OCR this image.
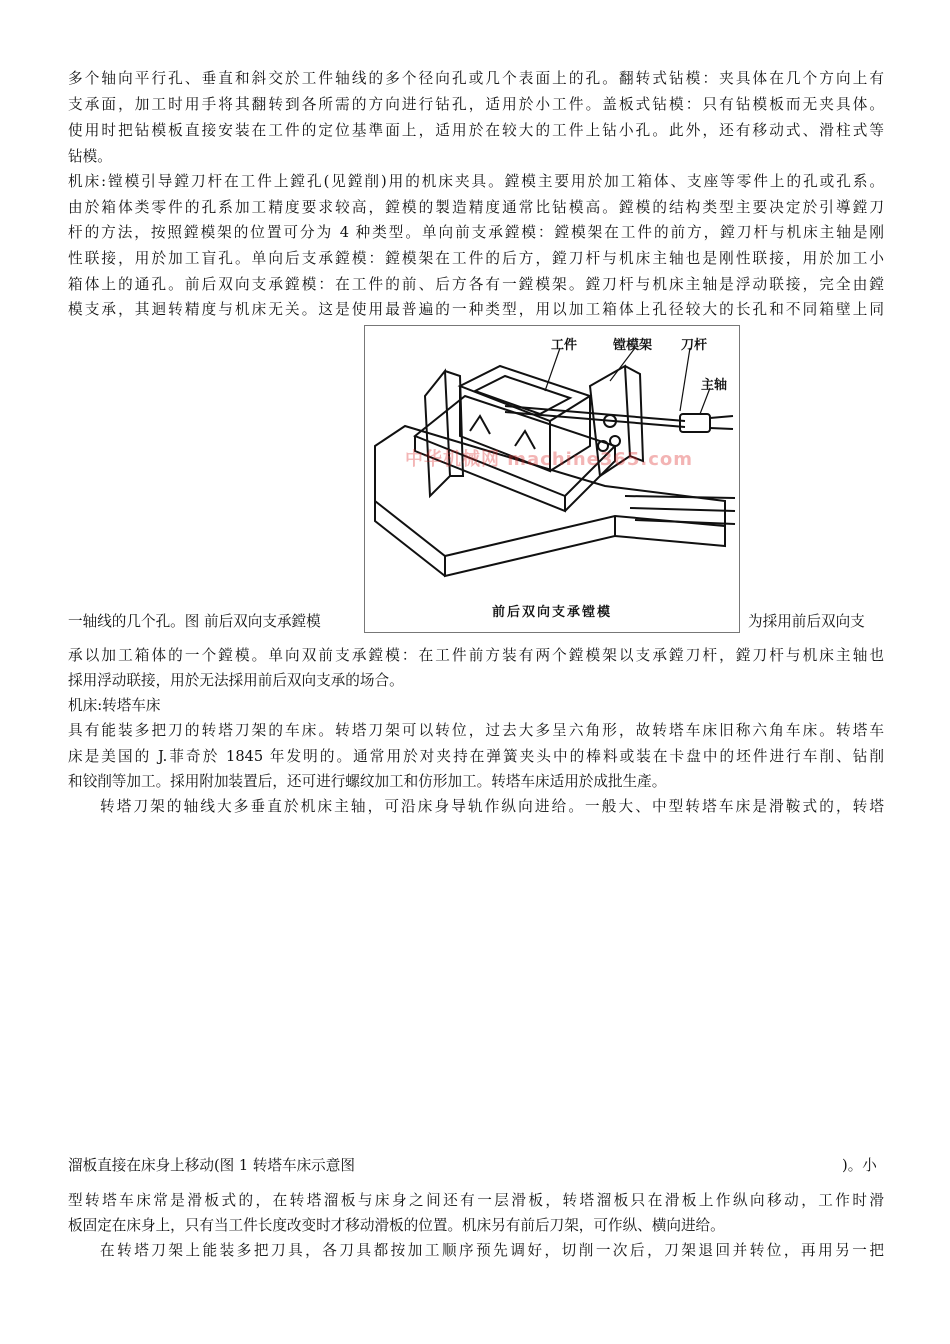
多个轴向平行孔、垂直和斜交於工件轴线的多个径向孔或几个表面上的孔。翻转式钻模：夹具体在几个方向上有
支承面，加工时用手将其翻转到各所需的方向进行钻孔，适用於小工件。盖板式钻模：只有钻模板而无夹具体。
使用时把钻模板直接安装在工件的定位基準面上，适用於在较大的工件上钻小孔。此外，还有移动式、滑柱式等
钻模。
机床:镗模引导鏜刀杆在工件上鏜孔(见鏜削)用的机床夹具。鏜模主要用於加工箱体、支座等零件上的孔或孔系。
由於箱体类零件的孔系加工精度要求较高，鏜模的製造精度通常比钻模高。鏜模的结构类型主要决定於引導鏜刀
杆的方法，按照鏜模架的位置可分为 4 种类型。单向前支承鏜模：鏜模架在工件的前方，鏜刀杆与机床主轴是刚
性联接，用於加工盲孔。单向后支承鏜模：鏜模架在工件的后方，鏜刀杆与机床主轴也是刚性联接，用於加工小
箱体上的通孔。前后双向支承鏜模：在工件的前、后方各有一鏜模架。鏜刀杆与机床主轴是浮动联接，完全由鏜
模支承，其迴转精度与机床无关。这是使用最普遍的一种类型，用以加工箱体上孔径较大的长孔和不同箱壁上同
工件	镗模架 刀杆
主轴
中华机械网 machine365.com
前后双向支承镗模
一轴线的几个孔。图 前后双向支承鏜模	为採用前后双向支
承以加工箱体的一个鏜模。单向双前支承鏜模：在工件前方装有两个鏜模架以支承鏜刀杆，鏜刀杆与机床主轴也
採用浮动联接，用於无法採用前后双向支承的场合。
机床:转塔车床
具有能装多把刀的转塔刀架的车床。转塔刀架可以转位，过去大多呈六角形，故转塔车床旧称六角车床。转塔车
床是美国的 J.菲奇於 1845 年发明的。通常用於对夹持在弹簧夹头中的棒料或装在卡盘中的坯件进行车削、钻削
和铰削等加工。採用附加装置后，还可进行螺纹加工和仿形加工。转塔车床适用於成批生產。
转塔刀架的轴线大多垂直於机床主轴，可沿床身导轨作纵向进给。一般大、中型转塔车床是滑鞍式的，转塔
溜板直接在床身上移动(图 1 转塔车床示意图	)。小
型转塔车床常是滑板式的，在转塔溜板与床身之间还有一层滑板，转塔溜板只在滑板上作纵向移动，工作时滑
板固定在床身上，只有当工件长度改变时才移动滑板的位置。机床另有前后刀架，可作纵、横向进给。
在转塔刀架上能装多把刀具，各刀具都按加工顺序预先调好，切削一次后，刀架退回并转位，再用另一把
